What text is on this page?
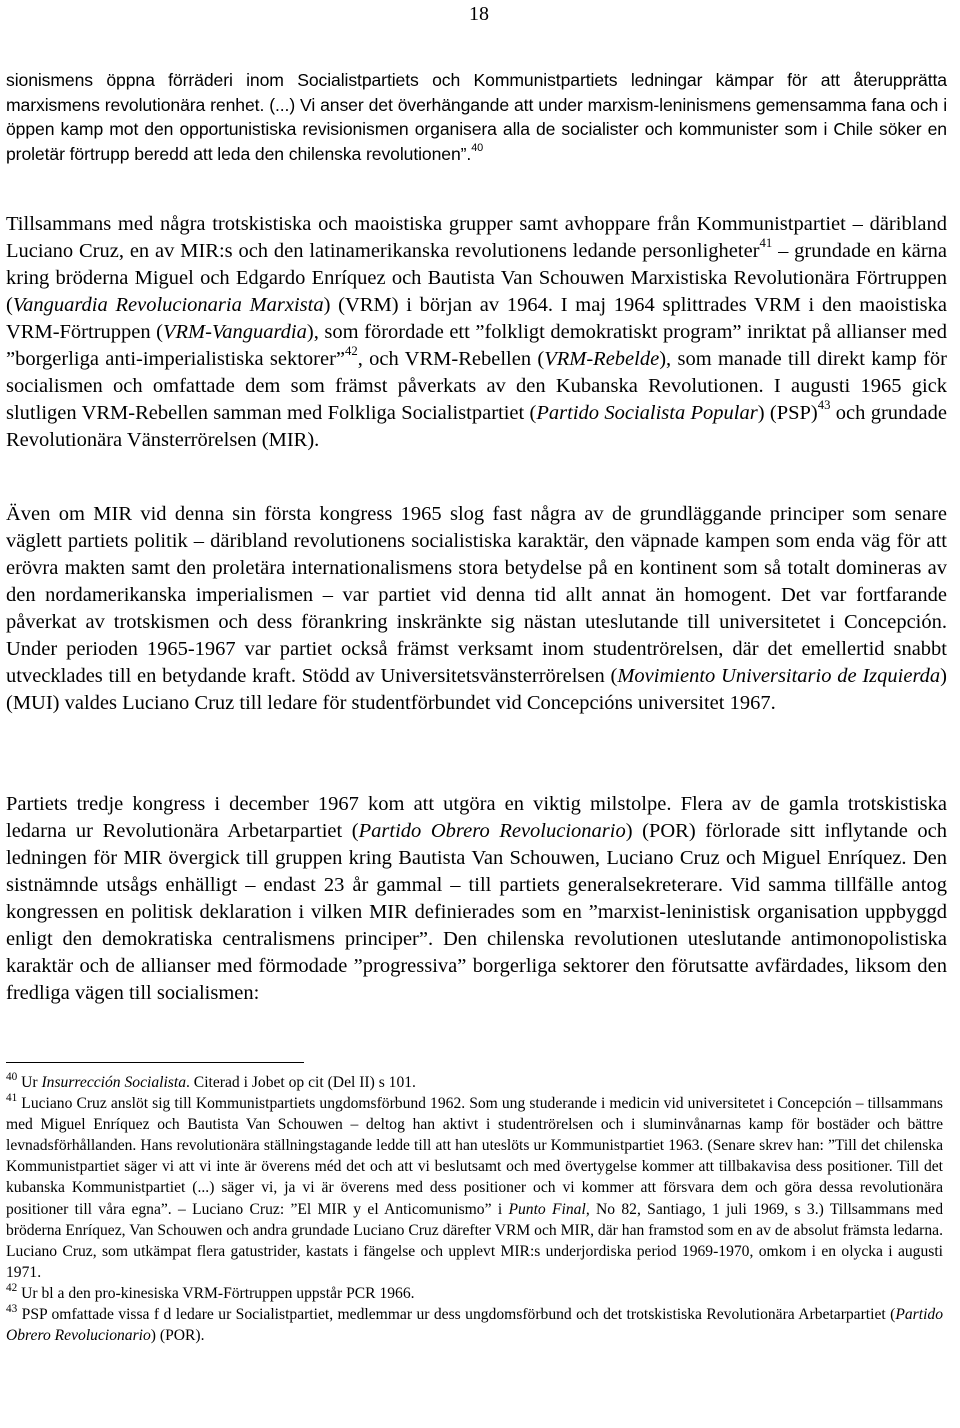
18

sionismens öppna förräderi inom Socialistpartiets och Kommunistpartiets ledningar kämpar för att återupprätta marxismens revolutionära renhet. (...) Vi anser det överhängande att under marxism-leninismens gemensamma fana och i öppen kamp mot den opportunistiska revisionismen organisera alla de socialister och kommunister som i Chile söker en proletär förtrupp beredd att leda den chilenska revolutionen”.$^{40}$

Tillsammans med några trotskistiska och maoistiska grupper samt avhoppare från Kommunistpartiet – däribland Luciano Cruz, en av MIR:s och den latinamerikanska revolutionens ledande personligheter$^{41}$ – grundade en kärna kring bröderna Miguel och Edgardo Enríquez och Bautista Van Schouwen Marxistiska Revolutionära Förtruppen (Vanguardia Revolucionaria Marxista) (VRM) i början av 1964. I maj 1964 splittrades VRM i den maoistiska VRM-Förtruppen (VRM-Vanguardia), som förordade ett ”folkligt demokratiskt program” inriktat på allianser med ”borgerliga anti-imperialistiska sektorer”$^{42}$, och VRM-Rebellen (VRM-Rebelde), som manade till direkt kamp för socialismen och omfattade dem som främst påverkats av den Kubanska Revolutionen. I augusti 1965 gick slutligen VRM-Rebellen samman med Folkliga Socialistpartiet (Partido Socialista Popular) (PSP)$^{43}$ och grundade Revolutionära Vänsterrörelsen (MIR).

Även om MIR vid denna sin första kongress 1965 slog fast några av de grundläggande principer som senare väglett partiets politik – däribland revolutionens socialistiska karaktär, den väpnade kampen som enda väg för att erövra makten samt den proletära internationalismens stora betydelse på en kontinent som så totalt domineras av den nordamerikanska imperialismen – var partiet vid denna tid allt annat än homogent. Det var fortfarande påverkat av trotskismen och dess förankring inskränkte sig nästan uteslutande till universitetet i Concepción. Under perioden 1965-1967 var partiet också främst verksamt inom studentrörelsen, där det emellertid snabbt utvecklades till en betydande kraft. Stödd av Universitetsvänsterrörelsen (Movimiento Universitario de Izquierda) (MUI) valdes Luciano Cruz till ledare för studentförbundet vid Concepcións universitet 1967.

Partiets tredje kongress i december 1967 kom att utgöra en viktig milstolpe. Flera av de gamla trotskistiska ledarna ur Revolutionära Arbetarpartiet (Partido Obrero Revolucionario) (POR) förlorade sitt inflytande och ledningen för MIR övergick till gruppen kring Bautista Van Schouwen, Luciano Cruz och Miguel Enríquez. Den sistnämnde utsågs enhälligt – endast 23 år gammal – till partiets generalsekreterare. Vid samma tillfälle antog kongressen en politisk deklaration i vilken MIR definierades som en ”marxist-leninistisk organisation uppbyggd enligt den demokratiska centralismens principer”. Den chilenska revolutionen uteslutande antimonopolistiska karaktär och de allianser med förmodade ”progressiva” borgerliga sektorer den förutsatte avfärdades, liksom den fredliga vägen till socialismen:

$^{40}$ Ur Insurrección Socialista. Citerad i Jobet op cit (Del II) s 101.

$^{41}$ Luciano Cruz anslöt sig till Kommunistpartiets ungdomsförbund 1962. Som ung studerande i medicin vid universitetet i Concepción – tillsammans med Miguel Enríquez och Bautista Van Schouwen – deltog han aktivt i studentrörelsen och i sluminvånarnas kamp för bostäder och bättre levnadsförhållanden. Hans revolutionära ställningstagande ledde till att han uteslöts ur Kommunistpartiet 1963. (Senare skrev han: ”Till det chilenska Kommunistpartiet säger vi att vi inte är överens méd det och att vi beslutsamt och med övertygelse kommer att tillbakavisa dess positioner. Till det kubanska Kommunistpartiet (...) säger vi, ja vi är överens med dess positioner och vi kommer att försvara dem och göra dessa revolutionära positioner till våra egna”. – Luciano Cruz: ”El MIR y el Anticomunismo” i Punto Final, No 82, Santiago, 1 juli 1969, s 3.) Tillsammans med bröderna Enríquez, Van Schouwen och andra grundade Luciano Cruz därefter VRM och MIR, där han framstod som en av de absolut främsta ledarna. Luciano Cruz, som utkämpat flera gatustrider, kastats i fängelse och upplevt MIR:s underjordiska period 1969-1970, omkom i en olycka i augusti 1971.

$^{42}$ Ur bl a den pro-kinesiska VRM-Förtruppen uppstår PCR 1966.

$^{43}$ PSP omfattade vissa f d ledare ur Socialistpartiet, medlemmar ur dess ungdomsförbund och det trotskistiska Revolutionära Arbetarpartiet (Partido Obrero Revolucionario) (POR).
